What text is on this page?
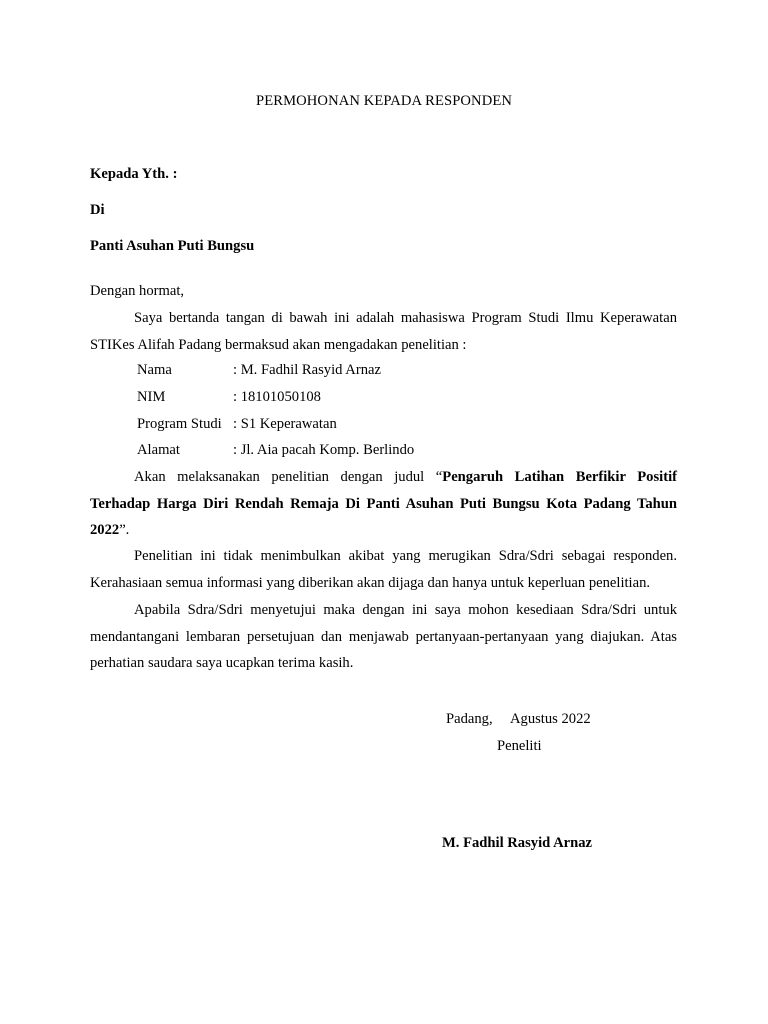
PERMOHONAN KEPADA RESPONDEN
Kepada Yth. :
Di
Panti Asuhan Puti Bungsu
Dengan hormat,
Saya bertanda tangan di bawah ini adalah mahasiswa Program Studi Ilmu Keperawatan STIKes Alifah Padang bermaksud akan mengadakan penelitian :
Nama	: M. Fadhil Rasyid Arnaz
NIM	: 18101050108
Program Studi : S1 Keperawatan
Alamat	: Jl. Aia pacah Komp. Berlindo
Akan melaksanakan penelitian dengan judul “Pengaruh Latihan Berfikir Positif Terhadap Harga Diri Rendah Remaja Di Panti Asuhan Puti Bungsu Kota Padang Tahun 2022”.
Penelitian ini tidak menimbulkan akibat yang merugikan Sdra/Sdri sebagai responden. Kerahasiaan semua informasi yang diberikan akan dijaga dan hanya untuk keperluan penelitian.
Apabila Sdra/Sdri menyetujui maka dengan ini saya mohon kesediaan Sdra/Sdri untuk mendantangani lembaran persetujuan dan menjawab pertanyaan-pertanyaan yang diajukan. Atas perhatian saudara saya ucapkan terima kasih.
Padang, Agustus 2022
Peneliti
M. Fadhil Rasyid Arnaz
